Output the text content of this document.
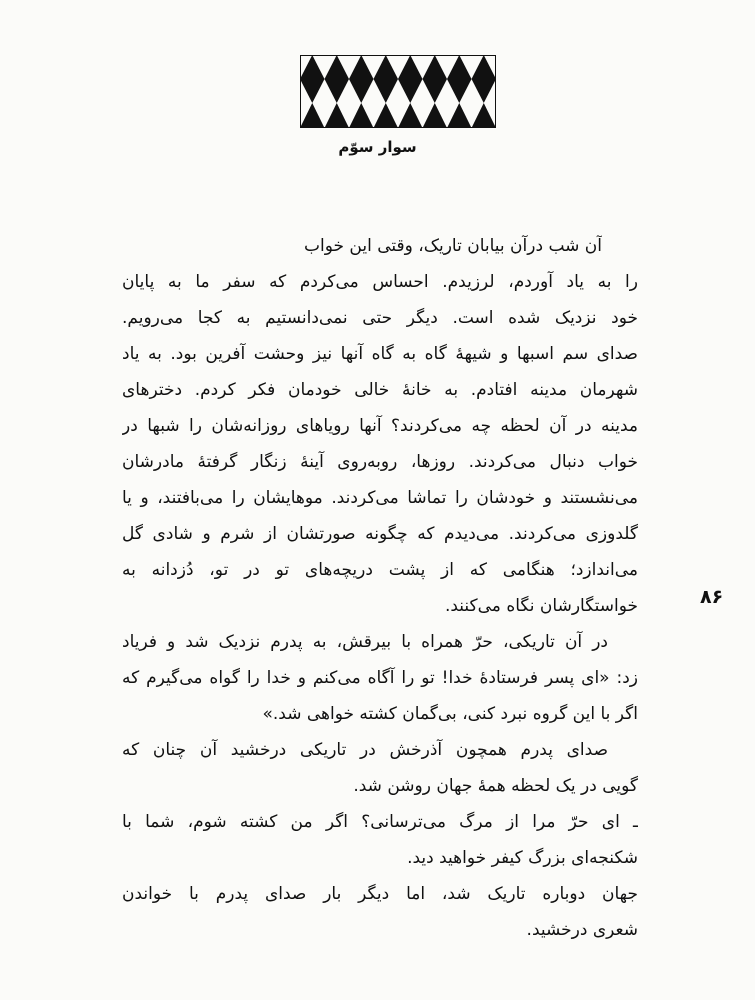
سوار سوّم
۸۶
آن شب درآن بیابان تاریک، وقتی این خواب
را به یاد آوردم، لرزیدم. احساس می‌کردم که سفر ما به پایان
خود نزدیک شده است. دیگر حتی نمی‌دانستیم به کجا می‌رویم.
صدای سم اسبها و شیههٔ گاه به گاه آنها نیز وحشت آفرین بود. به یاد
شهرمان مدینه افتادم. به خانهٔ خالی خودمان فکر کردم. دخترهای
مدینه در آن لحظه چه می‌کردند؟ آنها رویاهای روزانه‌شان را شبها در
خواب دنبال می‌کردند. روزها، روبه‌روی آینهٔ زنگار گرفتهٔ مادرشان
می‌نشستند و خودشان را تماشا می‌کردند. موهایشان را می‌بافتند، و یا
گلدوزی می‌کردند. می‌دیدم که چگونه صورتشان از شرم و شادی گل
می‌اندازد؛ هنگامی که از پشت دریچه‌های تو در تو، دُزدانه به
خواستگارشان نگاه می‌کنند.
در آن تاریکی، حرّ همراه با بیرقش، به پدرم نزدیک شد و فریاد
زد: «ای پسر فرستادهٔ خدا! تو را آگاه می‌کنم و خدا را گواه می‌گیرم که
اگر با این گروه نبرد کنی، بی‌گمان کشته خواهی شد.»
صدای پدرم همچون آذرخش در تاریکی درخشید آن چنان که
گویی در یک لحظه همهٔ جهان روشن شد.
ـ ای حرّ مرا از مرگ می‌ترسانی؟ اگر من کشته شوم، شما با
شکنجه‌ای بزرگ کیفر خواهید دید.
جهان دوباره تاریک شد، اما دیگر بار صدای پدرم با خواندن
شعری درخشید.
